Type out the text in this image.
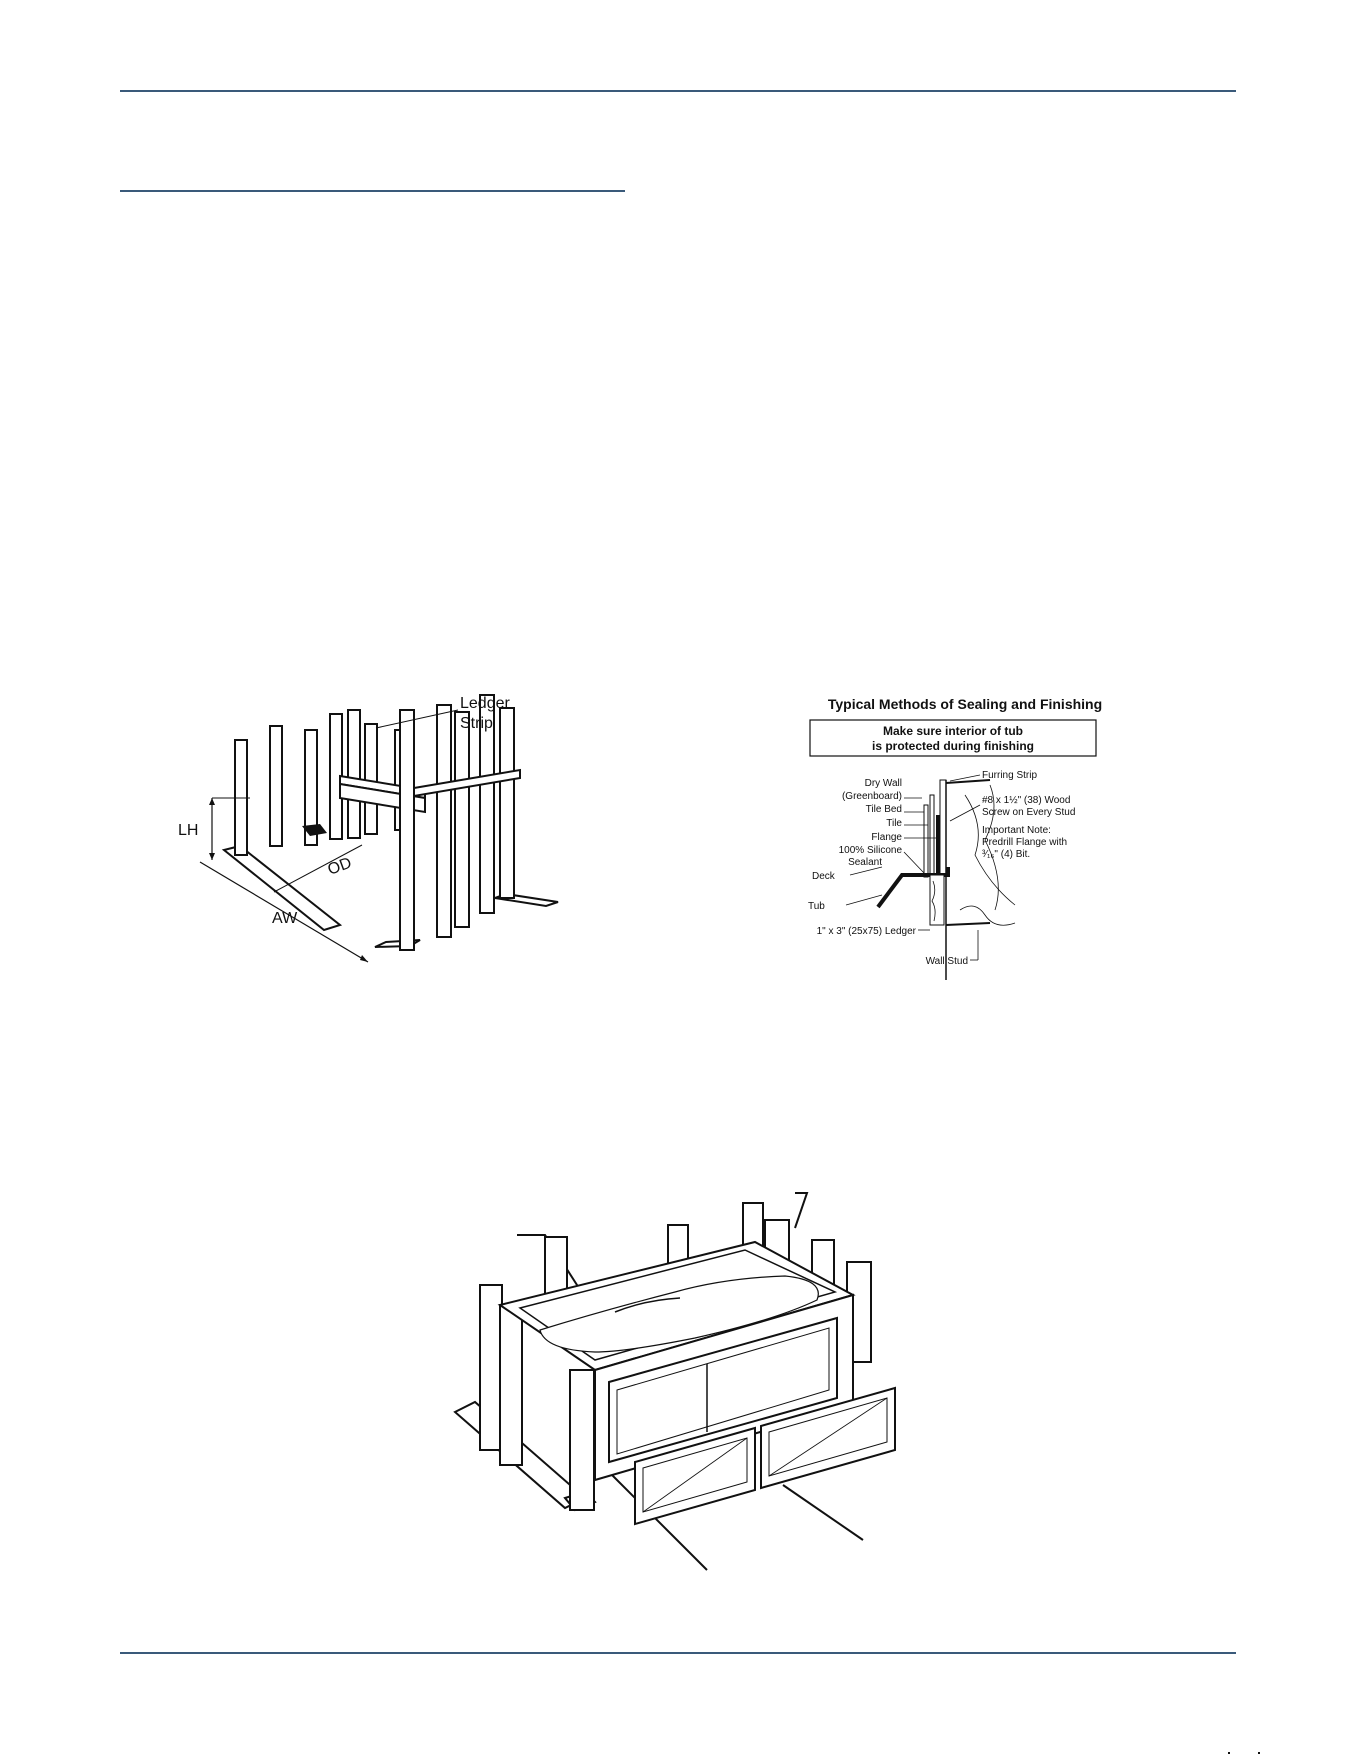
Ledger
Strip
LH
OD
AW
Typical Methods of Sealing and Finishing
Make sure interior of tub
is protected during finishing
Furring Strip
Dry Wall
(Greenboard)
Tile Bed
Tile
Flange
100% Silicone
Sealant
Deck
Tub
1" x 3" (25x75) Ledger
Wall Stud
#8 x 1½" (38) Wood
Screw on Every Stud
Important Note:
Predrill Flange with
³⁄₁₆" (4) Bit.
